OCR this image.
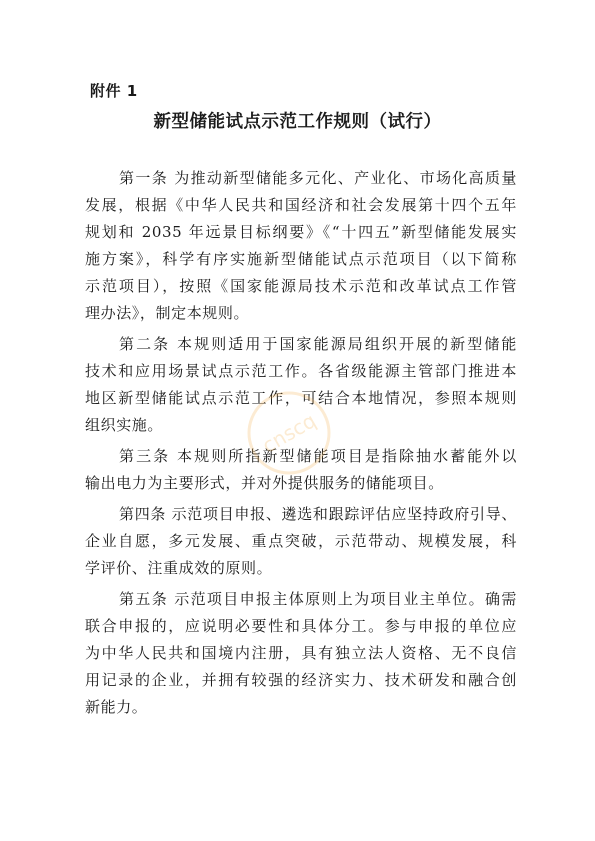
附件 1
新型储能试点示范工作规则（试行）
第一条 为推动新型储能多元化、产业化、市场化高质量
发展，根据《中华人民共和国经济和社会发展第十四个五年
规划和 2035 年远景目标纲要》《“十四五”新型储能发展实
施方案》，科学有序实施新型储能试点示范项目（以下简称
示范项目），按照《国家能源局技术示范和改革试点工作管
理办法》，制定本规则。
第二条 本规则适用于国家能源局组织开展的新型储能
技术和应用场景试点示范工作。各省级能源主管部门推进本
地区新型储能试点示范工作，可结合本地情况，参照本规则
组织实施。
第三条 本规则所指新型储能项目是指除抽水蓄能外以
输出电力为主要形式，并对外提供服务的储能项目。
第四条 示范项目申报、遴选和跟踪评估应坚持政府引导、
企业自愿，多元发展、重点突破，示范带动、规模发展，科
学评价、注重成效的原则。
第五条 示范项目申报主体原则上为项目业主单位。确需
联合申报的，应说明必要性和具体分工。参与申报的单位应
为中华人民共和国境内注册，具有独立法人资格、无不良信
用记录的企业，并拥有较强的经济实力、技术研发和融合创
新能力。
cnscq
